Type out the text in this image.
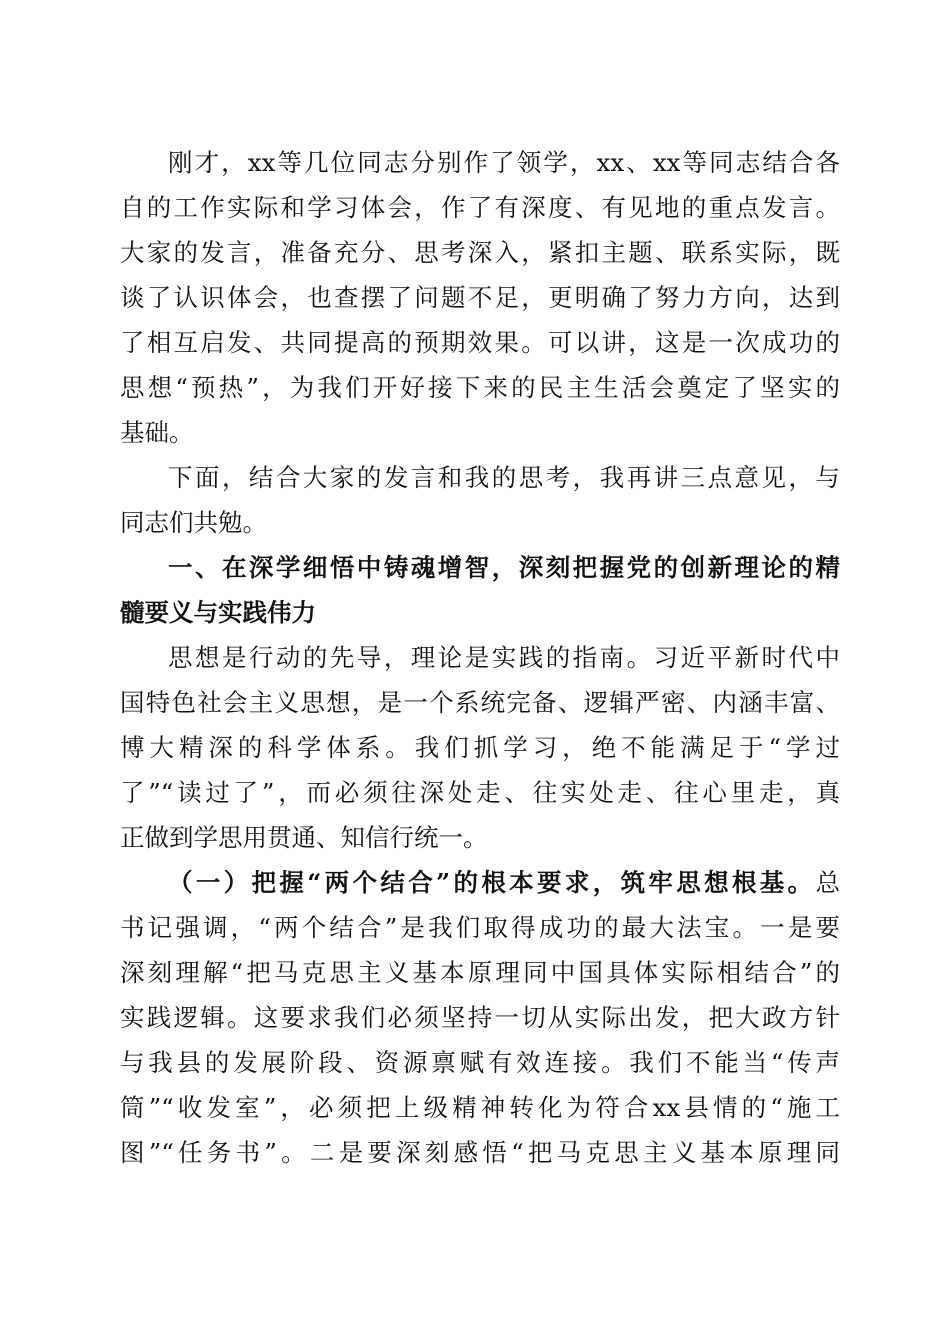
刚才，xx等几位同志分别作了领学，xx、xx等同志结合各
自的工作实际和学习体会，作了有深度、有见地的重点发言。
大家的发言，准备充分、思考深入，紧扣主题、联系实际，既
谈了认识体会，也查摆了问题不足，更明确了努力方向，达到
了相互启发、共同提高的预期效果。可以讲，这是一次成功的
思想“预热”，为我们开好接下来的民主生活会奠定了坚实的
基础。
下面，结合大家的发言和我的思考，我再讲三点意见，与
同志们共勉。
一、在深学细悟中铸魂增智，深刻把握党的创新理论的精
髓要义与实践伟力
思想是行动的先导，理论是实践的指南。习近平新时代中
国特色社会主义思想，是一个系统完备、逻辑严密、内涵丰富、
博大精深的科学体系。我们抓学习，绝不能满足于“学过
了”“读过了”，而必须往深处走、往实处走、往心里走，真
正做到学思用贯通、知信行统一。
（一）把握“两个结合”的根本要求，筑牢思想根基。总
书记强调，“两个结合”是我们取得成功的最大法宝。一是要
深刻理解“把马克思主义基本原理同中国具体实际相结合”的
实践逻辑。这要求我们必须坚持一切从实际出发，把大政方针
与我县的发展阶段、资源禀赋有效连接。我们不能当“传声
筒”“收发室”，必须把上级精神转化为符合xx县情的“施工
图”“任务书”。二是要深刻感悟“把马克思主义基本原理同
